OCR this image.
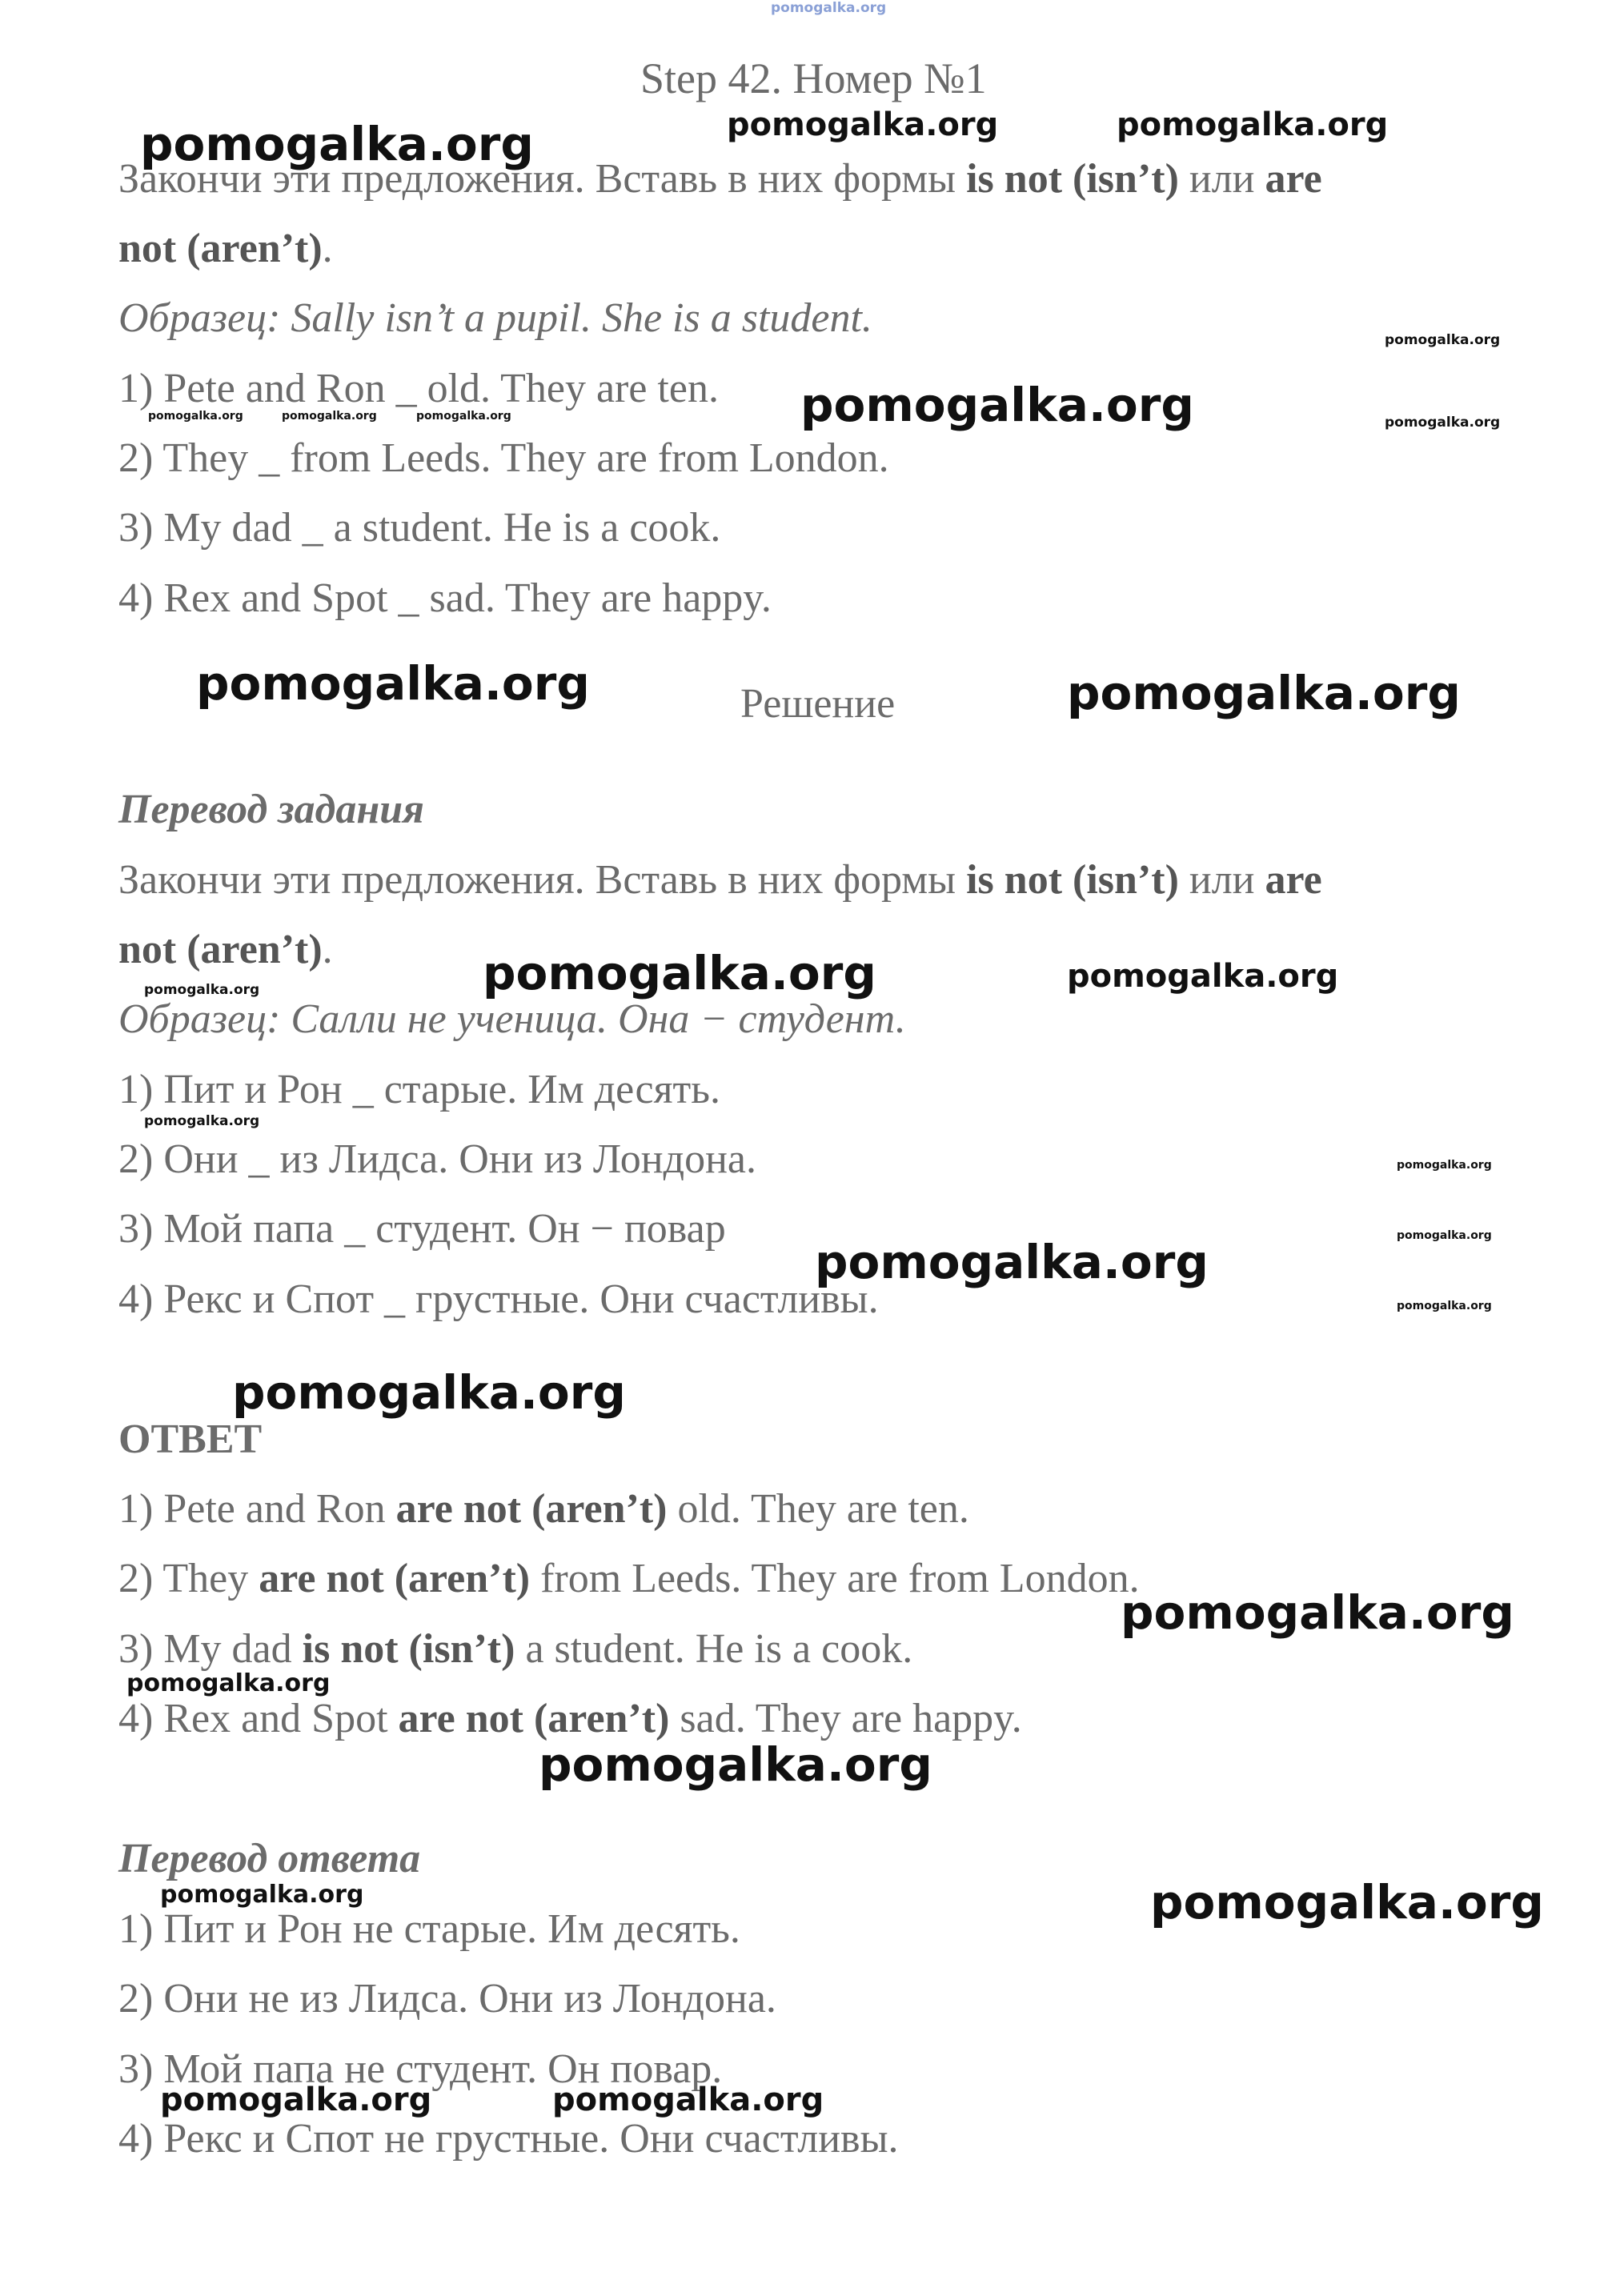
Step 42. Номер №1
Закончи эти предложения. Вставь в них формы is not (isn’t) или are
not (aren’t).
Образец: Sally isn’t a pupil. She is a student.
1) Pete and Ron _ old. They are ten.
2) They _ from Leeds. They are from London.
3) My dad _ a student. He is a cook.
4) Rex and Spot _ sad. They are happy.
Решение
Перевод задания
Закончи эти предложения. Вставь в них формы is not (isn’t) или are
not (aren’t).
Образец: Салли не ученица. Она − студент.
1) Пит и Рон _ старые. Им десять.
2) Они _ из Лидса. Они из Лондона.
3) Мой папа _ студент. Он − повар
4) Рекс и Спот _ грустные. Они счастливы.
ОТВЕТ
1) Pete and Ron are not (aren’t) old. They are ten.
2) They are not (aren’t) from Leeds. They are from London.
3) My dad is not (isn’t) a student. He is a cook.
4) Rex and Spot are not (aren’t) sad. They are happy.
Перевод ответа
1) Пит и Рон не старые. Им десять.
2) Они не из Лидса. Они из Лондона.
3) Мой папа не студент. Он повар.
4) Рекс и Спот не грустные. Они счастливы.
pomogalka.org
pomogalka.org	pomogalka.org
pomogalka.org
pomogalka.org
pomogalka.org	pomogalka.org	pomogalka.org	pomogalka.org	pomogalka.org
pomogalka.org	pomogalka.org
pomogalka.org	pomogalka.org
pomogalka.org
pomogalka.org
pomogalka.org
pomogalka.org
pomogalka.org
pomogalka.org
pomogalka.org
pomogalka.org
pomogalka.org
pomogalka.org
pomogalka.org	pomogalka.org
pomogalka.org	pomogalka.org
